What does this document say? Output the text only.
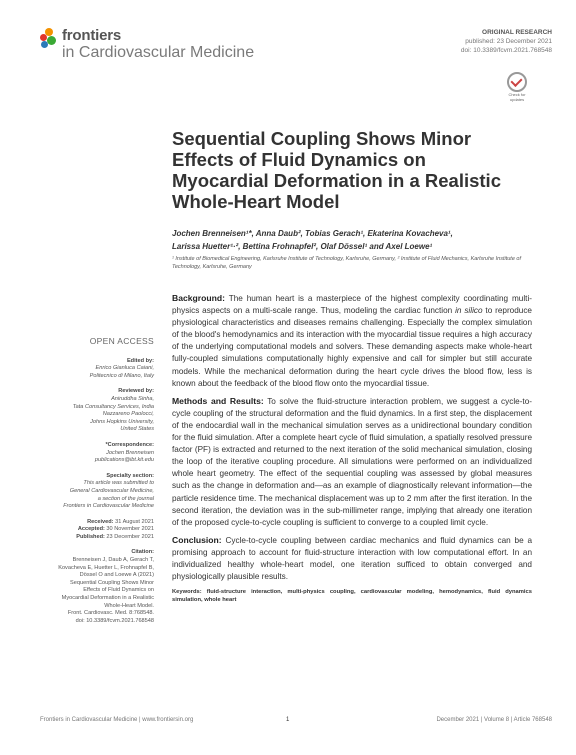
frontiers
in Cardiovascular Medicine
ORIGINAL RESEARCH
published: 23 December 2021
doi: 10.3389/fcvm.2021.768548
Check for updates
Sequential Coupling Shows Minor Effects of Fluid Dynamics on Myocardial Deformation in a Realistic Whole-Heart Model
Jochen Brenneisen¹*, Anna Daub², Tobias Gerach¹, Ekaterina Kovacheva¹,
Larissa Huetter¹·², Bettina Frohnapfel², Olaf Dössel¹ and Axel Loewe¹
¹ Institute of Biomedical Engineering, Karlsruhe Institute of Technology, Karlsruhe, Germany, ² Institute of Fluid Mechanics, Karlsruhe Institute of Technology, Karlsruhe, Germany

Background: The human heart is a masterpiece of the highest complexity coordinating multi-physics aspects on a multi-scale range. Thus, modeling the cardiac function in silico to reproduce physiological characteristics and diseases remains challenging. Especially the complex simulation of the blood's hemodynamics and its interaction with the myocardial tissue requires a high accuracy of the underlying computational models and solvers. These demanding aspects make whole-heart fully-coupled simulations computationally highly expensive and call for simpler but still accurate models. While the mechanical deformation during the heart cycle drives the blood flow, less is known about the feedback of the blood flow onto the myocardial tissue.

Methods and Results: To solve the fluid-structure interaction problem, we suggest a cycle-to-cycle coupling of the structural deformation and the fluid dynamics. In a first step, the displacement of the endocardial wall in the mechanical simulation serves as a unidirectional boundary condition for the fluid simulation. After a complete heart cycle of fluid simulation, a spatially resolved pressure factor (PF) is extracted and returned to the next iteration of the solid mechanical simulation, closing the loop of the iterative coupling procedure. All simulations were performed on an individualized whole heart geometry. The effect of the sequential coupling was assessed by global measures such as the change in deformation and—as an example of diagnostically relevant information—the particle residence time. The mechanical displacement was up to 2 mm after the first iteration. In the second iteration, the deviation was in the sub-millimeter range, implying that already one iteration of the proposed cycle-to-cycle coupling is sufficient to converge to a coupled limit cycle.

Conclusion: Cycle-to-cycle coupling between cardiac mechanics and fluid dynamics can be a promising approach to account for fluid-structure interaction with low computational effort. In an individualized healthy whole-heart model, one iteration sufficed to obtain converged and physiologically plausible results.

Keywords: fluid-structure interaction, multi-physics coupling, cardiovascular modeling, hemodynamics, fluid dynamics simulation, whole heart
OPEN ACCESS
Edited by:
Enrico Gianluca Caiani,
Politecnico di Milano, Italy
Reviewed by:
Aniruddha Sinha,
Tata Consultancy Services, India
Nazzareno Paolocci,
Johns Hopkins University,
United States
*Correspondence:
Jochen Brenneisen
publications@ibt.kit.edu
Specialty section:
This article was submitted to
General Cardiovascular Medicine,
a section of the journal
Frontiers in Cardiovascular Medicine
Received: 31 August 2021
Accepted: 30 November 2021
Published: 23 December 2021
Citation:
Brenneisen J, Daub A, Gerach T,
Kovacheva E, Huetter L, Frohnapfel B,
Dössel O and Loewe A (2021)
Sequential Coupling Shows Minor
Effects of Fluid Dynamics on
Myocardial Deformation in a Realistic
Whole-Heart Model.
Front. Cardiovasc. Med. 8:768548.
doi: 10.3389/fcvm.2021.768548
Frontiers in Cardiovascular Medicine | www.frontiersin.org	1	December 2021 | Volume 8 | Article 768548
